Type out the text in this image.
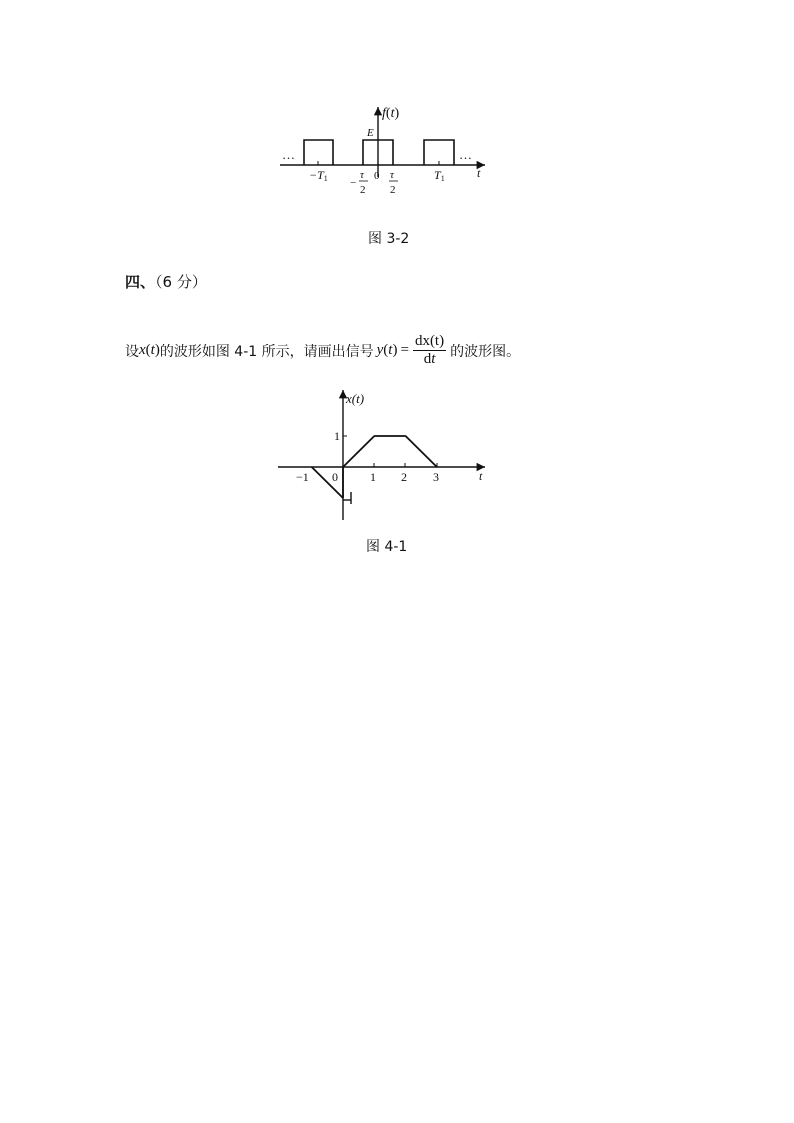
…	…
f(t)
E
t
−T1	T1
0
−
τ
2
τ
2
图 3-2
四、（6 分）
设 x ( t ) 的波形如图 4-1 所示，请画出信号 y ( t ) = $\frac{dx(t)}{dt}$ 的波形图。
x(t)
t
1
−1 0	1 2 3
图 4-1
